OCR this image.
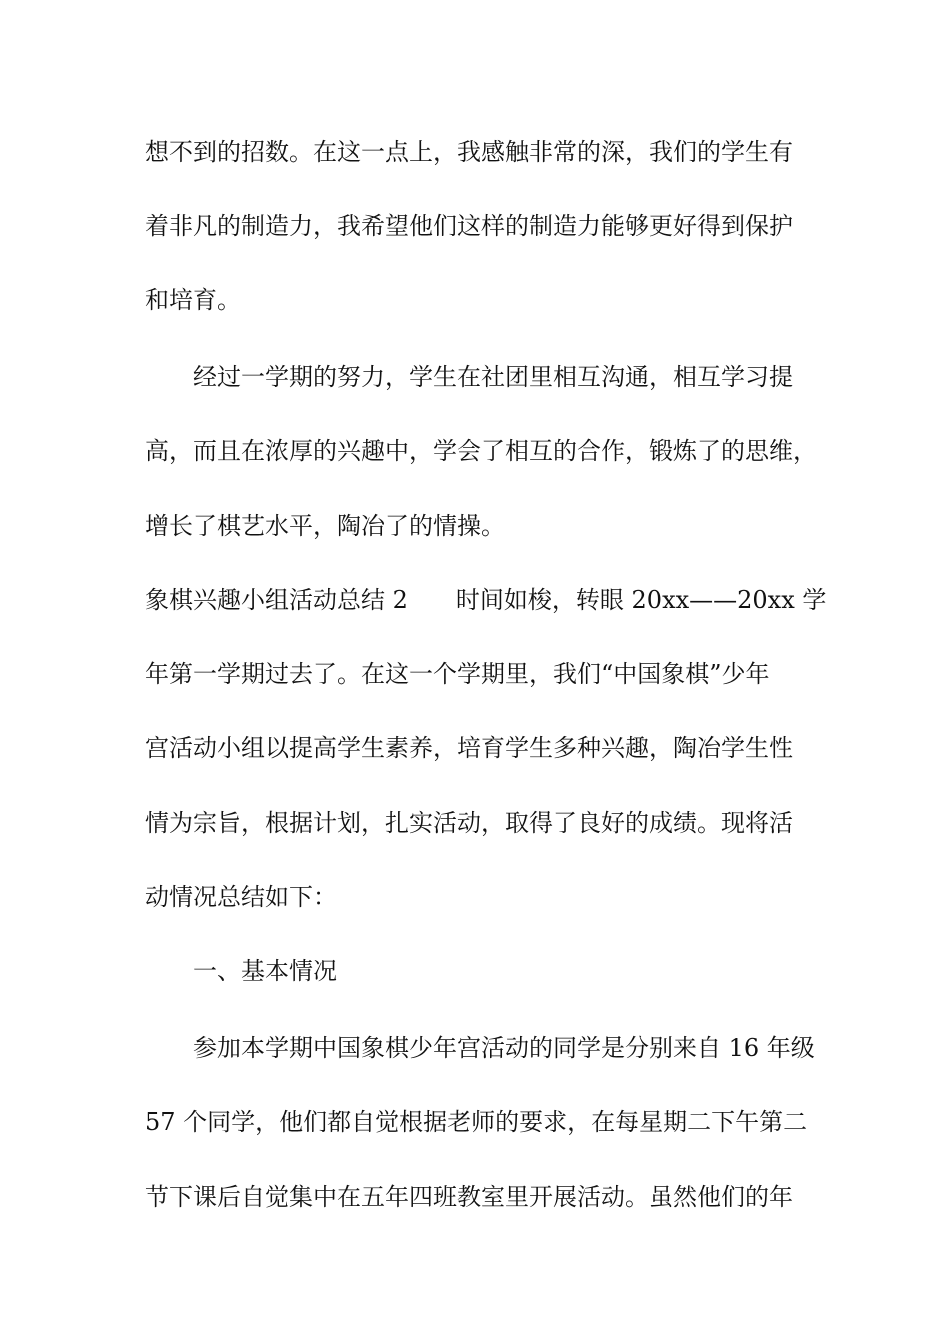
想不到的招数。在这一点上，我感触非常的深，我们的学生有
着非凡的制造力，我希望他们这样的制造力能够更好得到保护
和培育。
经过一学期的努力，学生在社团里相互沟通，相互学习提
高，而且在浓厚的兴趣中，学会了相互的合作，锻炼了的思维，
增长了棋艺水平，陶冶了的情操。
象棋兴趣小组活动总结 2　　时间如梭，转眼 20xx——20xx 学
年第一学期过去了。在这一个学期里，我们“中国象棋”少年
宫活动小组以提高学生素养，培育学生多种兴趣，陶冶学生性
情为宗旨，根据计划，扎实活动，取得了良好的成绩。现将活
动情况总结如下：
一、基本情况
参加本学期中国象棋少年宫活动的同学是分别来自 16 年级
57 个同学，他们都自觉根据老师的要求，在每星期二下午第二
节下课后自觉集中在五年四班教室里开展活动。虽然他们的年
